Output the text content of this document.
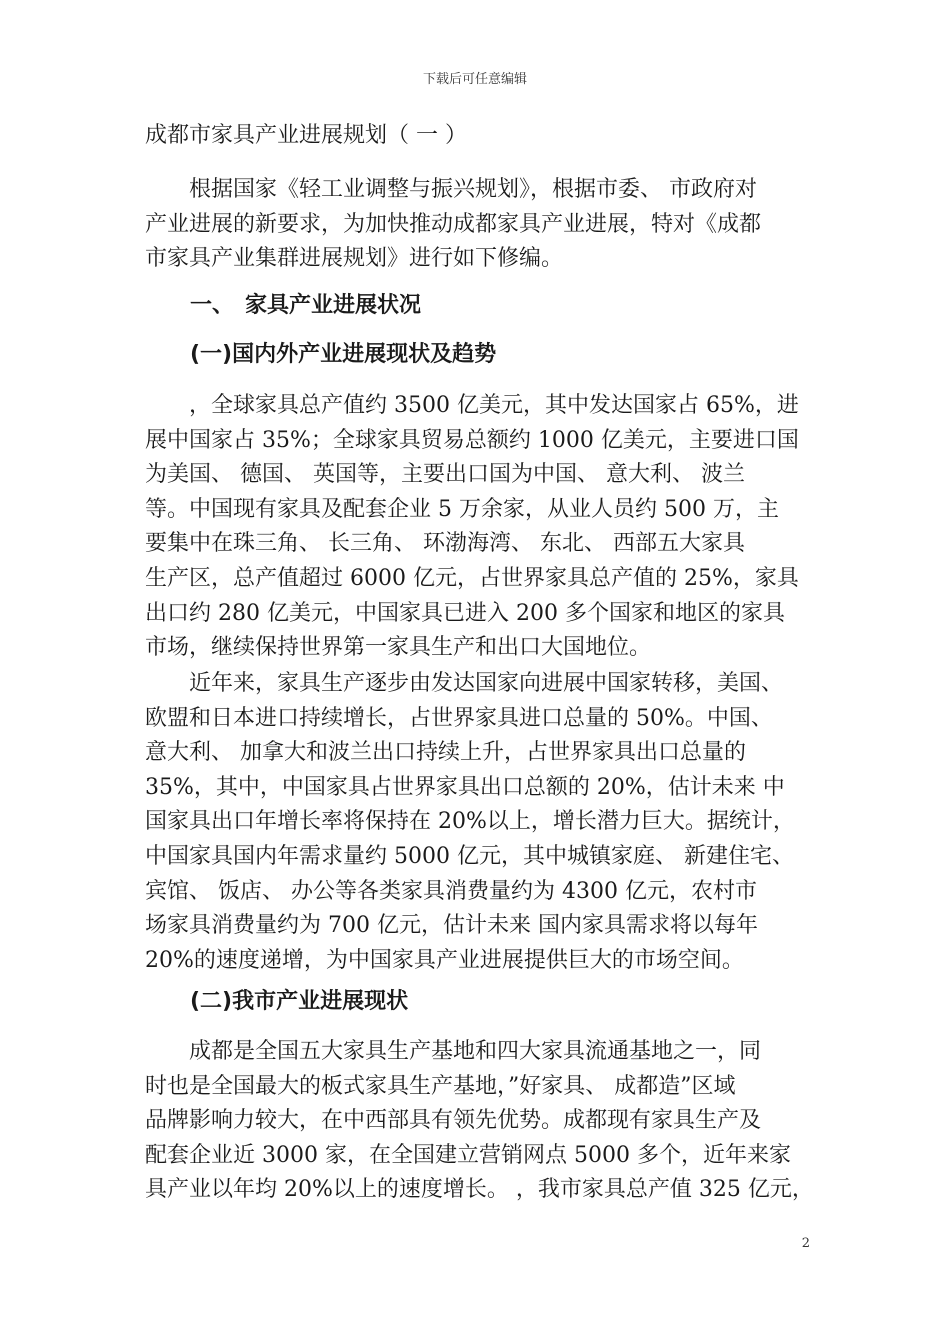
下载后可任意编辑
成都市家具产业进展规划（ 一 ）
　　根据国家《轻工业调整与振兴规划》，根据市委、 市政府对
产业进展的新要求，为加快推动成都家具产业进展，特对《成都
市家具产业集群进展规划》进行如下修编。
一、　家具产业进展状况
(一)国内外产业进展现状及趋势
　　，全球家具总产值约 3500 亿美元，其中发达国家占 65%，进
展中国家占 35%；全球家具贸易总额约 1000 亿美元，主要进口国
为美国、 德国、 英国等，主要出口国为中国、 意大利、 波兰
等。中国现有家具及配套企业 5 万余家，从业人员约 500 万，主
要集中在珠三角、 长三角、 环渤海湾、 东北、 西部五大家具
生产区，总产值超过 6000 亿元，占世界家具总产值的 25%，家具
出口约 280 亿美元，中国家具已进入 200 多个国家和地区的家具
市场，继续保持世界第一家具生产和出口大国地位。
　　近年来，家具生产逐步由发达国家向进展中国家转移，美国、
欧盟和日本进口持续增长，占世界家具进口总量的 50%。中国、
意大利、 加拿大和波兰出口持续上升，占世界家具出口总量的
35%，其中，中国家具占世界家具出口总额的 20%，估计未来 中
国家具出口年增长率将保持在 20%以上，增长潜力巨大。据统计，
中国家具国内年需求量约 5000 亿元，其中城镇家庭、 新建住宅、
宾馆、 饭店、 办公等各类家具消费量约为 4300 亿元，农村市
场家具消费量约为 700 亿元，估计未来 国内家具需求将以每年
20%的速度递增，为中国家具产业进展提供巨大的市场空间。
(二)我市产业进展现状
　　成都是全国五大家具生产基地和四大家具流通基地之一，同
时也是全国最大的板式家具生产基地，”好家具、 成都造”区域
品牌影响力较大，在中西部具有领先优势。成都现有家具生产及
配套企业近 3000 家，在全国建立营销网点 5000 多个，近年来家
具产业以年均 20%以上的速度增长。 ，我市家具总产值 325 亿元，
2
